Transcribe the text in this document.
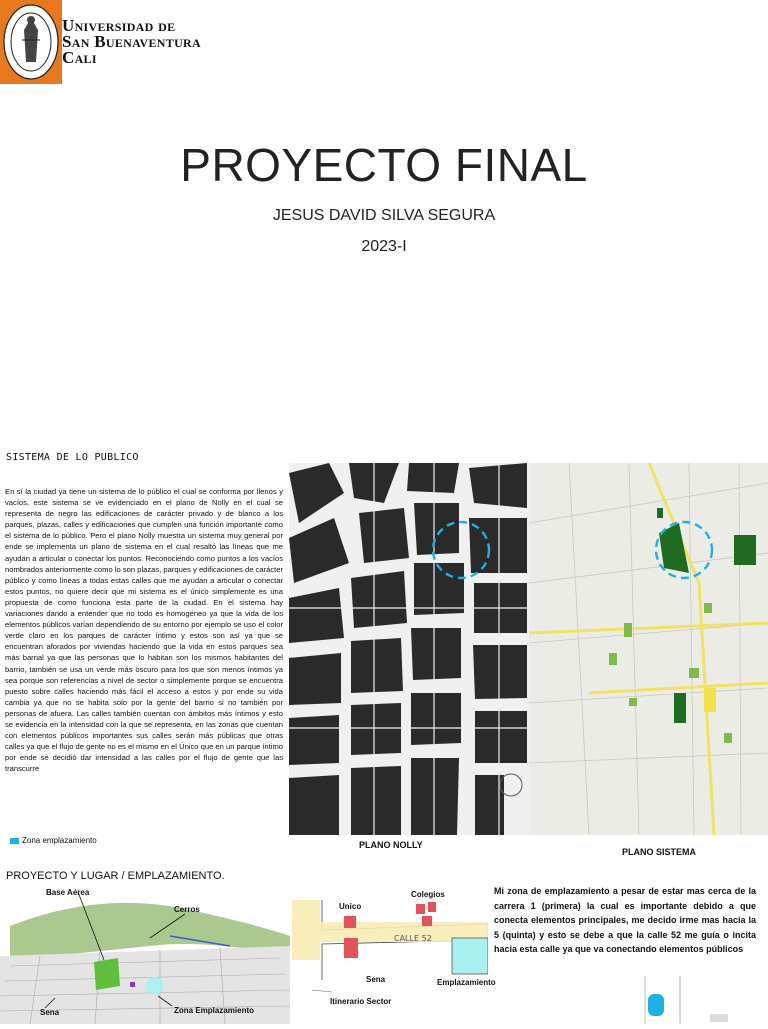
Universidad de
San Buenaventura
Cali
PROYECTO FINAL
JESUS DAVID SILVA SEGURA
2023-I
SISTEMA DE LO PUBLICO
En sí la ciudad ya tiene un sistema de lo público el cual se conforma por llenos y vacíos, este sistema se ve evidenciado en el plano de Nolly en el cual se representa de negro las edificaciones de carácter privado y de blanco a los parques, plazas, calles y edificaciones que cumplen una función importante como el sistema de lo público. Pero el plano Nolly muestra un sistema muy general por ende se implementa un plano de sistema en el cual resaltó las líneas que me ayudan a articular o conectar los puntos. Reconociendo como puntos a los vacíos nombrados anteriormente como lo son plazas, parques y edificaciones de carácter público y como líneas a todas estas calles que me ayudan a articular o conectar estos puntos, no quiere decir que mi sistema es el único simplemente es una propuesta de como funciona esta parte de la ciudad. En el sistema hay variaciones dando a entender que no todo es homogéneo ya que la vida de los elementos públicos varían dependiendo de su entorno por ejemplo se uso el color verde claro en los parques de carácter íntimo y estos son así ya que se encuentran aforados por viviendas haciendo que la vida en estos parques sea más barrial ya que las personas que lo habitan son los mismos habitantes del barrio, también se usa un verde más oscuro para los que son menos íntimos ya sea porque son referencias a nivel de sector o simplemente porque se encuentra puesto sobre calles haciendo más fácil el acceso a estos y por ende su vida cambia ya que no se habita solo por la gente del barrio si no también por personas de afuera. Las calles también cuentan con ámbitos más íntimos y esto se evidencia en la intensidad con la que se representa, en las zonas que cuentan con elementos públicos importantes sus calles serán más públicas que otras calles ya que el flujo de gente no es el mismo en el Único que en un parque íntimo por ende se decidió dar intensidad a las calles por el flujo de gente que las transcurre
PLANO NOLLY
PLANO SISTEMA
Zona emplazamiento
PROYECTO Y LUGAR / EMPLAZAMIENTO.
Base Aérea
Cerros
Sena	Zona Emplazamiento
Unico
Colegios
CALLE 52
Sena	Emplazamiento
Itinerario Sector
Mi zona de emplazamiento a pesar de estar mas cerca de la carrera 1 (primera) la cual es importante debido a que conecta elementos principales, me decido irme mas hacia la 5 (quinta) y esto se debe a que la calle 52 me guía o incita hacia esta calle ya que va conectando elementos públicos
